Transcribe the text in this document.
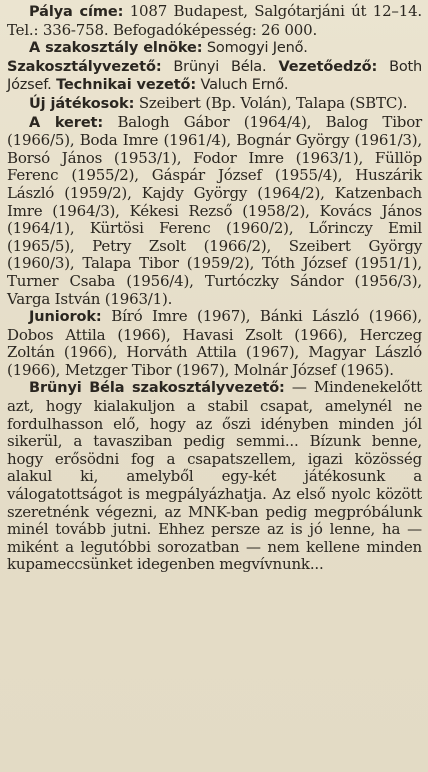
Pálya címe: 1087 Budapest, Salgótarjáni út 12–14. Tel.: 336-758. Befogadóképesség: 26 000.

A szakosztály elnöke: Somogyi Jenő.

Szakosztályvezető: Brünyi Béla. Vezetőedző: Both József. Technikai vezető: Valuch Ernő.

Új játékosok: Szeibert (Bp. Volán), Talapa (SBTC).

A keret: Balogh Gábor (1964/4), Balog Tibor (1966/5), Boda Imre (1961/4), Bognár György (1961/3), Borsó János (1953/1), Fodor Imre (1963/1), Füllöp Ferenc (1955/2), Gáspár József (1955/4), Huszárik László (1959/2), Kajdy György (1964/2), Katzenbach Imre (1964/3), Kékesi Rezső (1958/2), Kovács János (1964/1), Kürtösi Ferenc (1960/2), Lőrinczy Emil (1965/5), Petry Zsolt (1966/2), Szeibert György (1960/3), Talapa Tibor (1959/2), Tóth József (1951/1), Turner Csaba (1956/4), Turtóczky Sándor (1956/3), Varga István (1963/1).

Juniorok: Bíró Imre (1967), Bánki László (1966), Dobos Attila (1966), Havasi Zsolt (1966), Herczeg Zoltán (1966), Horváth Attila (1967), Magyar László (1966), Metzger Tibor (1967), Molnár József (1965).

Brünyi Béla szakosztályvezető: — Mindenekelőtt azt, hogy kialakuljon a stabil csapat, amelynél ne fordulhasson elő, hogy az őszi idényben minden jól sikerül, a tavasziban pedig semmi... Bízunk benne, hogy erősödni fog a csapatszellem, igazi közösség alakul ki, amelyből egy-két játékosunk a válogatottságot is megpályázhatja. Az első nyolc között szeretnénk végezni, az MNK-ban pedig megpróbálunk minél tovább jutni. Ehhez persze az is jó lenne, ha — miként a legutóbbi sorozatban — nem kellene minden kupameccsünket idegenben megvívnunk...
